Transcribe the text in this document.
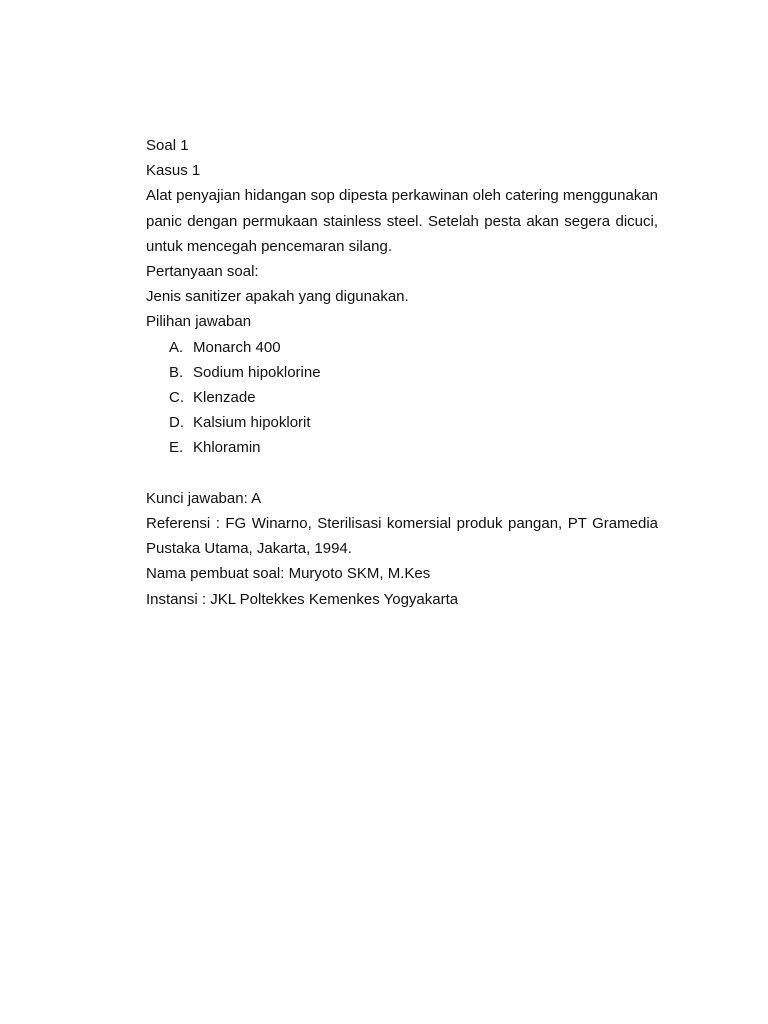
Soal 1
Kasus 1
Alat penyajian hidangan sop dipesta perkawinan oleh catering menggunakan panic dengan permukaan stainless steel. Setelah pesta akan segera dicuci, untuk mencegah pencemaran silang.
Pertanyaan soal:
Jenis sanitizer apakah yang digunakan.
Pilihan jawaban
A. Monarch 400
B. Sodium hipoklorine
C. Klenzade
D. Kalsium hipoklorit
E. Khloramin
Kunci jawaban: A
Referensi : FG Winarno, Sterilisasi komersial produk pangan, PT Gramedia Pustaka Utama, Jakarta, 1994.
Nama pembuat soal: Muryoto SKM, M.Kes
Instansi : JKL Poltekkes Kemenkes Yogyakarta
